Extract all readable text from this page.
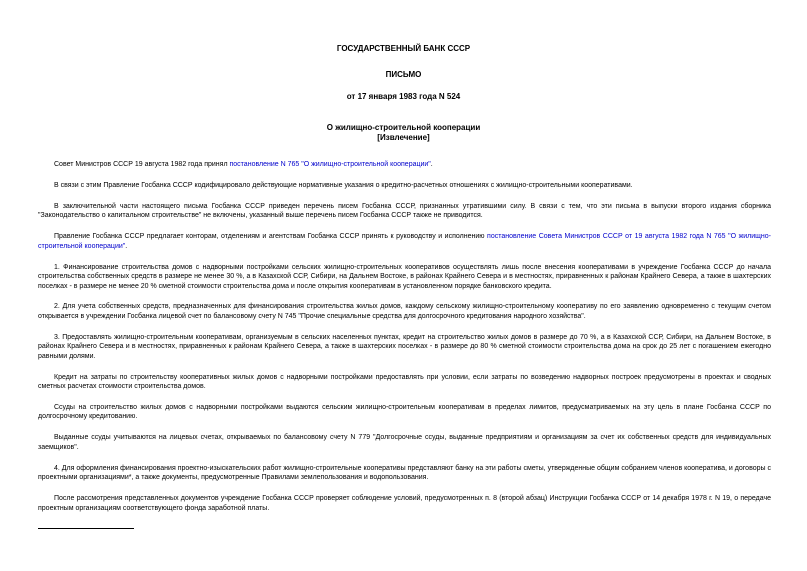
ГОСУДАРСТВЕННЫЙ БАНК СССР
ПИСЬМО
от 17 января 1983 года N 524
О жилищно-строительной кооперации
[Извлечение]

Совет Министров СССР 19 августа 1982 года принял постановление N 765 "О жилищно-строительной кооперации".

В связи с этим Правление Госбанка СССР кодифицировало действующие нормативные указания о кредитно-расчетных отношениях с жилищно-строительными кооперативами.

В заключительной части настоящего письма Госбанка СССР приведен перечень писем Госбанка СССР, признанных утратившими силу. В связи с тем, что эти письма в выпуски второго издания сборника "Законодательство о капитальном строительстве" не включены, указанный выше перечень писем Госбанка СССР также не приводится.

Правление Госбанка СССР предлагает конторам, отделениям и агентствам Госбанка СССР принять к руководству и исполнению постановление Совета Министров СССР от 19 августа 1982 года N 765 "О жилищно-строительной кооперации".

1. Финансирование строительства домов с надворными постройками сельских жилищно-строительных кооперативов осуществлять лишь после внесения кооперативами в учреждение Госбанка СССР до начала строительства собственных средств в размере не менее 30 %, а в Казахской ССР, Сибири, на Дальнем Востоке, в районах Крайнего Севера и в местностях, приравненных к районам Крайнего Севера, а также в шахтерских поселках - в размере не менее 20 % сметной стоимости строительства дома и после открытия кооперативам в установленном порядке банковского кредита.

2. Для учета собственных средств, предназначенных для финансирования строительства жилых домов, каждому сельскому жилищно-строительному кооперативу по его заявлению одновременно с текущим счетом открывается в учреждении Госбанка лицевой счет по балансовому счету N 745 "Прочие специальные средства для долгосрочного кредитования народного хозяйства".

3. Предоставлять жилищно-строительным кооперативам, организуемым в сельских населенных пунктах, кредит на строительство жилых домов в размере до 70 %, а в Казахской ССР, Сибири, на Дальнем Востоке, в районах Крайнего Севера и в местностях, приравненных к районам Крайнего Севера, а также в шахтерских поселках - в размере до 80 % сметной стоимости строительства дома на срок до 25 лет с погашением ежегодно равными долями.

Кредит на затраты по строительству кооперативных жилых домов с надворными постройками предоставлять при условии, если затраты по возведению надворных построек предусмотрены в проектах и сводных сметных расчетах стоимости строительства домов.

Ссуды на строительство жилых домов с надворными постройками выдаются сельским жилищно-строительным кооперативам в пределах лимитов, предусматриваемых на эту цель в плане Госбанка СССР по долгосрочному кредитованию.

Выданные ссуды учитываются на лицевых счетах, открываемых по балансовому счету N 779 "Долгосрочные ссуды, выданные предприятиям и организациям за счет их собственных средств для индивидуальных заемщиков".

4. Для оформления финансирования проектно-изыскательских работ жилищно-строительные кооперативы представляют банку на эти работы сметы, утвержденные общим собранием членов кооператива, и договоры с проектными организациями*, а также документы, предусмотренные Правилами землепользования и водопользования.

После рассмотрения представленных документов учреждение Госбанка СССР проверяет соблюдение условий, предусмотренных п. 8 (второй абзац) Инструкции Госбанка СССР от 14 декабря 1978 г. N 19, о передаче проектным организациям соответствующего фонда заработной платы.
